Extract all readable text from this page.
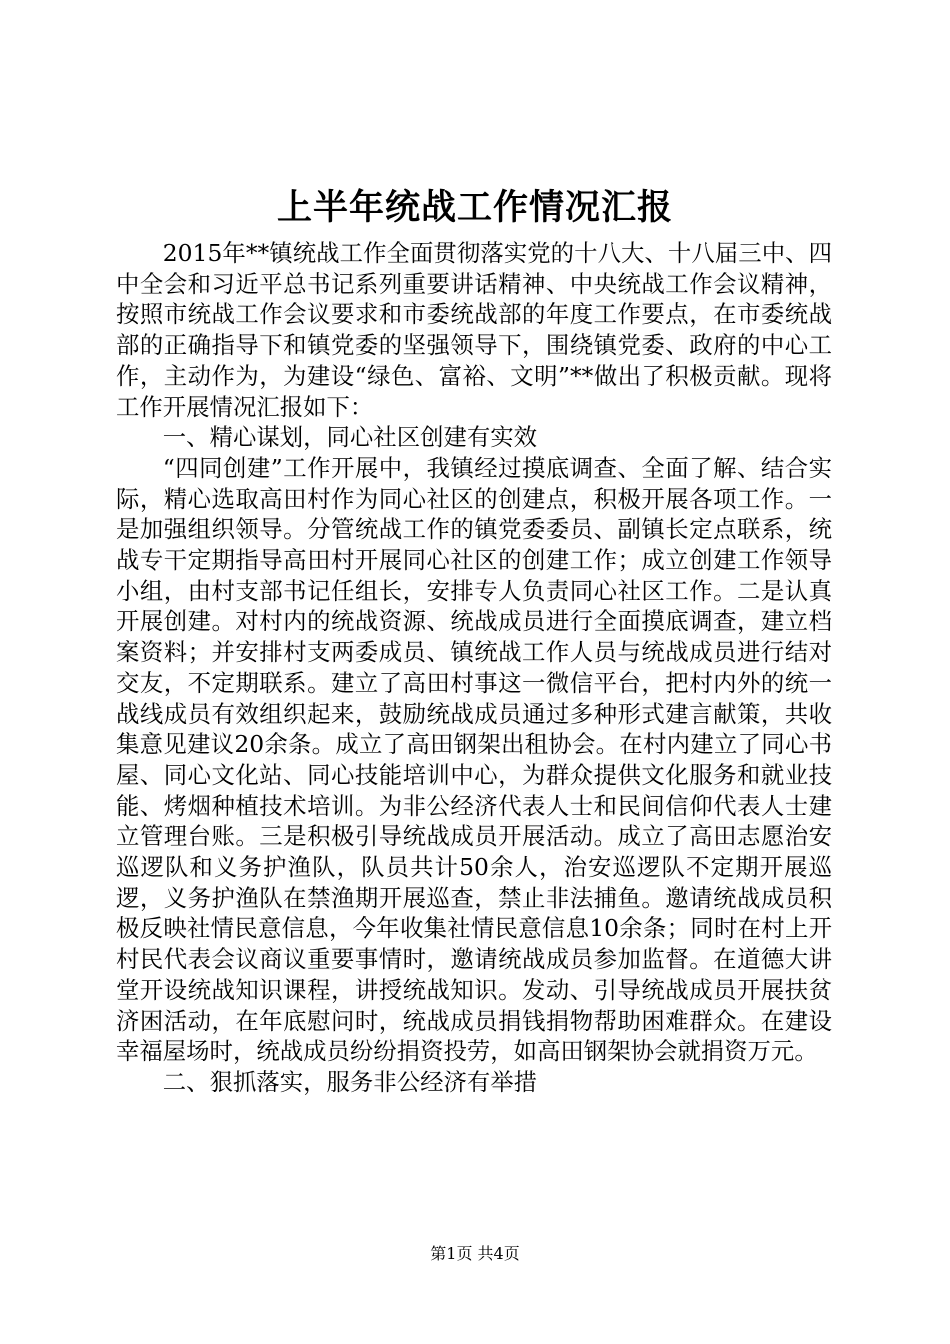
上半年统战工作情况汇报

2015年**镇统战工作全面贯彻落实党的十八大、十八届三中、四中全会和习近平总书记系列重要讲话精神、中央统战工作会议精神，按照市统战工作会议要求和市委统战部的年度工作要点，在市委统战部的正确指导下和镇党委的坚强领导下，围绕镇党委、政府的中心工作，主动作为，为建设“绿色、富裕、文明”**做出了积极贡献。现将工作开展情况汇报如下：

一、精心谋划，同心社区创建有实效

“四同创建”工作开展中，我镇经过摸底调查、全面了解、结合实际，精心选取高田村作为同心社区的创建点，积极开展各项工作。一是加强组织领导。分管统战工作的镇党委委员、副镇长定点联系，统战专干定期指导高田村开展同心社区的创建工作；成立创建工作领导小组，由村支部书记任组长，安排专人负责同心社区工作。二是认真开展创建。对村内的统战资源、统战成员进行全面摸底调查，建立档案资料；并安排村支两委成员、镇统战工作人员与统战成员进行结对交友，不定期联系。建立了高田村事这一微信平台，把村内外的统一战线成员有效组织起来，鼓励统战成员通过多种形式建言献策，共收集意见建议20余条。成立了高田钢架出租协会。在村内建立了同心书屋、同心文化站、同心技能培训中心，为群众提供文化服务和就业技能、烤烟种植技术培训。为非公经济代表人士和民间信仰代表人士建立管理台账。三是积极引导统战成员开展活动。成立了高田志愿治安巡逻队和义务护渔队，队员共计50余人，治安巡逻队不定期开展巡逻，义务护渔队在禁渔期开展巡查，禁止非法捕鱼。邀请统战成员积极反映社情民意信息，今年收集社情民意信息10余条；同时在村上开村民代表会议商议重要事情时，邀请统战成员参加监督。在道德大讲堂开设统战知识课程，讲授统战知识。发动、引导统战成员开展扶贫济困活动，在年底慰问时，统战成员捐钱捐物帮助困难群众。在建设幸福屋场时，统战成员纷纷捐资投劳，如高田钢架协会就捐资万元。

二、狠抓落实，服务非公经济有举措

第1页 共4页
